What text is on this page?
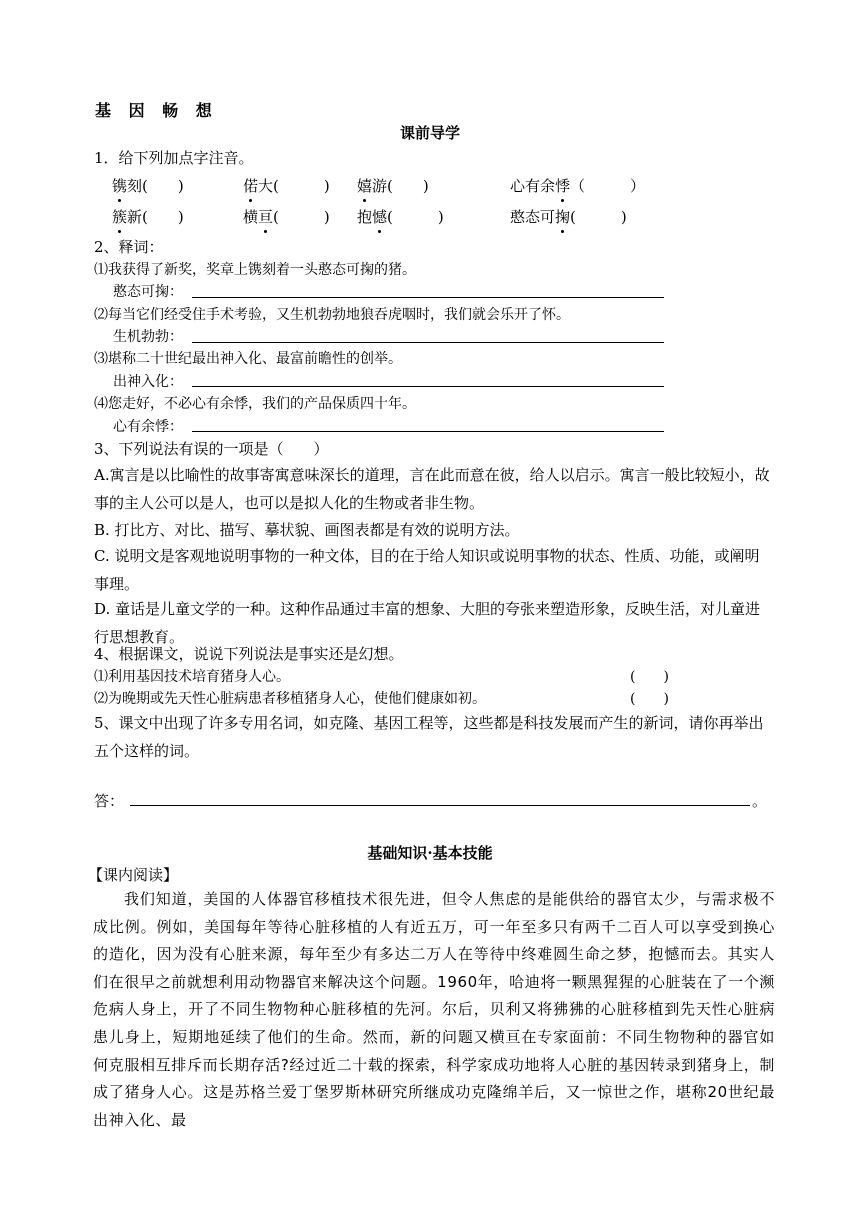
基 因 畅 想
课前导学
1．给下列加点字注音。
镌刻(　　)	偌大(　　　) 嬉游(　　)	心有余悸（　　　）
簇新(　　)	横亘(　　　) 抱憾(　　　)	憨态可掬(　　　)
2、释词：
⑴我获得了新奖，奖章上镌刻着一头憨态可掬的猪。
憨态可掬：
⑵每当它们经受住手术考验，又生机勃勃地狼吞虎咽时，我们就会乐开了怀。
生机勃勃：
⑶堪称二十世纪最出神入化、最富前瞻性的创举。
出神入化：
⑷您走好，不必心有余悸，我们的产品保质四十年。
心有余悸：
3、下列说法有误的一项是（　　）
A.寓言是以比喻性的故事寄寓意味深长的道理，言在此而意在彼，给人以启示。寓言一般比较短小，故事的主人公可以是人，也可以是拟人化的生物或者非生物。
B. 打比方、对比、描写、摹状貌、画图表都是有效的说明方法。
C. 说明文是客观地说明事物的一种文体，目的在于给人知识或说明事物的状态、性质、功能，或阐明事理。
D. 童话是儿童文学的一种。这种作品通过丰富的想象、大胆的夸张来塑造形象，反映生活，对儿童进行思想教育。
4、根据课文，说说下列说法是事实还是幻想。
⑴利用基因技术培育猪身人心。	(　　)
⑵为晚期或先天性心脏病患者移植猪身人心，使他们健康如初。	(　　)
5、课文中出现了许多专用名词，如克隆、基因工程等，这些都是科技发展而产生的新词，请你再举出五个这样的词。
答：	。
基础知识·基本技能
【课内阅读】
我们知道，美国的人体器官移植技术很先进，但令人焦虑的是能供给的器官太少，与需求极不成比例。例如，美国每年等待心脏移植的人有近五万，可一年至多只有两千二百人可以享受到换心的造化，因为没有心脏来源，每年至少有多达二万人在等待中终难圆生命之梦，抱憾而去。其实人们在很早之前就想利用动物器官来解决这个问题。1960年，哈迪将一颗黑猩猩的心脏装在了一个濒危病人身上，开了不同生物物种心脏移植的先河。尔后，贝利又将狒狒的心脏移植到先天性心脏病患儿身上，短期地延续了他们的生命。然而，新的问题又横亘在专家面前：不同生物物种的器官如何克服相互排斥而长期存活?经过近二十载的探索，科学家成功地将人心脏的基因转录到猪身上，制成了猪身人心。这是苏格兰爱丁堡罗斯林研究所继成功克隆绵羊后，又一惊世之作，堪称20世纪最出神入化、最
